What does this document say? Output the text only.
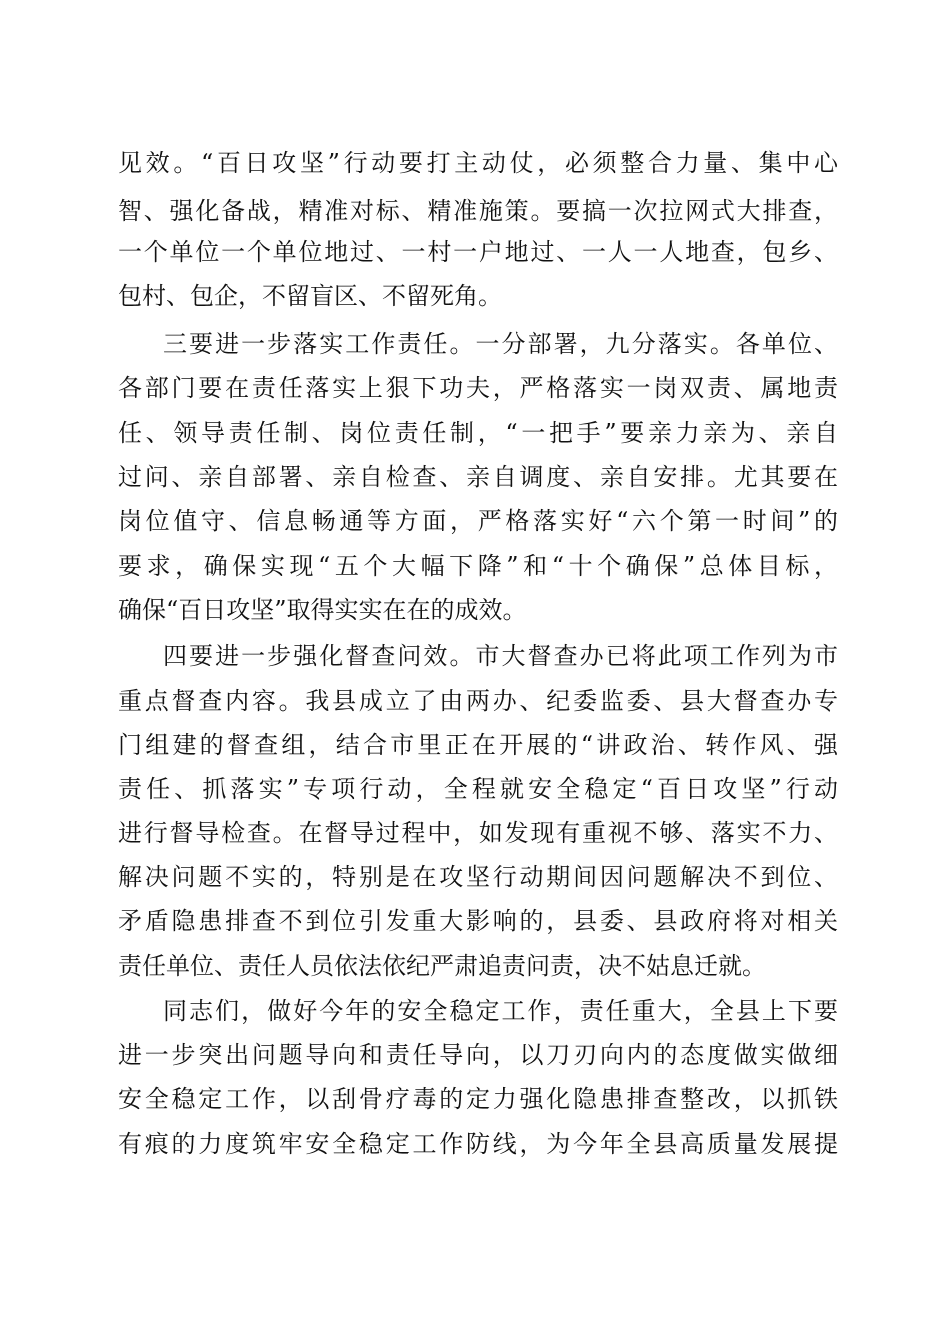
见效。“百日攻坚”行动要打主动仗，必须整合力量、集中心
智、强化备战，精准对标、精准施策。要搞一次拉网式大排查，
一个单位一个单位地过、一村一户地过、一人一人地查，包乡、
包村、包企，不留盲区、不留死角。
三要进一步落实工作责任。一分部署，九分落实。各单位、
各部门要在责任落实上狠下功夫，严格落实一岗双责、属地责
任、领导责任制、岗位责任制，“一把手”要亲力亲为、亲自
过问、亲自部署、亲自检查、亲自调度、亲自安排。尤其要在
岗位值守、信息畅通等方面，严格落实好“六个第一时间”的
要求，确保实现“五个大幅下降”和“十个确保”总体目标，
确保“百日攻坚”取得实实在在的成效。
四要进一步强化督查问效。市大督查办已将此项工作列为市
重点督查内容。我县成立了由两办、纪委监委、县大督查办专
门组建的督查组，结合市里正在开展的“讲政治、转作风、强
责任、抓落实”专项行动，全程就安全稳定“百日攻坚”行动
进行督导检查。在督导过程中，如发现有重视不够、落实不力、
解决问题不实的，特别是在攻坚行动期间因问题解决不到位、
矛盾隐患排查不到位引发重大影响的，县委、县政府将对相关
责任单位、责任人员依法依纪严肃追责问责，决不姑息迁就。
同志们，做好今年的安全稳定工作，责任重大，全县上下要
进一步突出问题导向和责任导向，以刀刃向内的态度做实做细
安全稳定工作，以刮骨疗毒的定力强化隐患排查整改，以抓铁
有痕的力度筑牢安全稳定工作防线，为今年全县高质量发展提
